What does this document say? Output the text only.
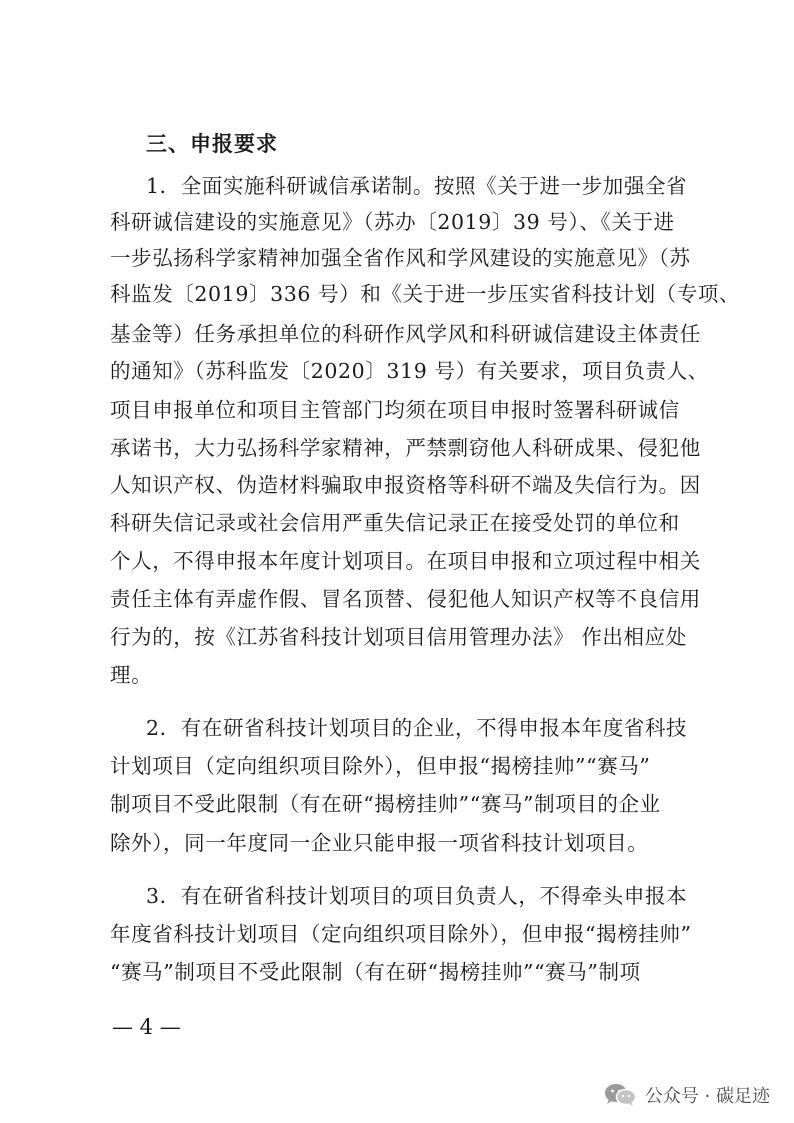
三、申报要求
1．全面实施科研诚信承诺制。按照《关于进一步加强全省
科研诚信建设的实施意见》（苏办〔2019〕39 号）、《关于进
一步弘扬科学家精神加强全省作风和学风建设的实施意见》（苏
科监发〔2019〕336 号）和《关于进一步压实省科技计划（专项、
基金等）任务承担单位的科研作风学风和科研诚信建设主体责任
的通知》（苏科监发〔2020〕319 号）有关要求，项目负责人、
项目申报单位和项目主管部门均须在项目申报时签署科研诚信
承诺书，大力弘扬科学家精神，严禁剽窃他人科研成果、侵犯他
人知识产权、伪造材料骗取申报资格等科研不端及失信行为。因
科研失信记录或社会信用严重失信记录正在接受处罚的单位和
个人，不得申报本年度计划项目。在项目申报和立项过程中相关
责任主体有弄虚作假、冒名顶替、侵犯他人知识产权等不良信用
行为的，按《江苏省科技计划项目信用管理办法》 作出相应处
理。
2．有在研省科技计划项目的企业，不得申报本年度省科技
计划项目（定向组织项目除外），但申报“揭榜挂帅”“赛马”
制项目不受此限制（有在研“揭榜挂帅”“赛马”制项目的企业
除外），同一年度同一企业只能申报一项省科技计划项目。
3．有在研省科技计划项目的项目负责人，不得牵头申报本
年度省科技计划项目（定向组织项目除外），但申报“揭榜挂帅”
“赛马”制项目不受此限制（有在研“揭榜挂帅”“赛马”制项
— 4 —
公众号 · 碳足迹
